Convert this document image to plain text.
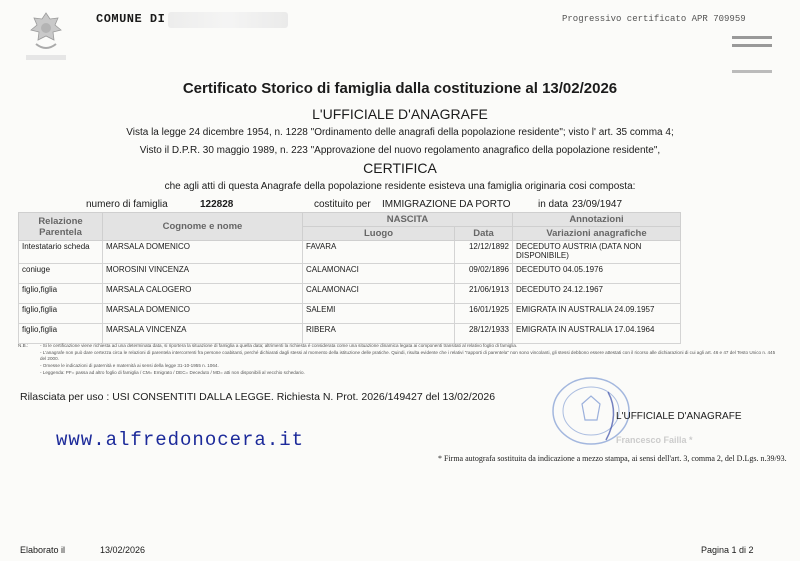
COMUNE DI	Progressivo certificato APR 709959
Certificato Storico di famiglia dalla costituzione al 13/02/2026
L'UFFICIALE D'ANAGRAFE
Vista la legge 24 dicembre 1954, n. 1228 "Ordinamento delle anagrafi della popolazione residente"; visto l' art. 35 comma 4;
Visto il D.P.R. 30 maggio 1989, n. 223 "Approvazione del nuovo regolamento anagrafico della popolazione residente",
CERTIFICA
che agli atti di questa Anagrafe della popolazione residente esisteva una famiglia originaria cosi composta:
numero di famiglia	122828	costituito per IMMIGRAZIONE DA PORTO	in data 23/09/1947
Relazione Parentela	Cognome e nome	NASCITA		Annotazioni
		Luogo	Data	Variazioni anagrafiche
Intestatario scheda	MARSALA DOMENICO	FAVARA	12/12/1892	DECEDUTO AUSTRIA (DATA NON DISPONIBILE)
coniuge	MOROSINI VINCENZA	CALAMONACI	09/02/1896	DECEDUTO 04.05.1976
figlio,figlia	MARSALA CALOGERO	CALAMONACI	21/06/1913	DECEDUTO 24.12.1967
figlio,figlia	MARSALA DOMENICO	SALEMI	16/01/1925	EMIGRATA IN AUSTRALIA 24.09.1957
figlio,figlia	MARSALA VINCENZA	RIBERA	28/12/1933	EMIGRATA IN AUSTRALIA 17.04.1964
N.B.:	- Si le certificazione viene richiesta ad una determinata data, si riportera la situazione di famiglia a quella data; altrimenti la richiesta é considerata come una situazione dinamica legata ai componenti transitati al relativo foglio di famiglia.
- L'anagrafe non può dare certezza circa le relazioni di parentela intercorrenti fra persone coabitanti, perché dichiarati dagli stessi al momento della istituzione delle pratiche. Quindi, risulta evidente che i relativi "rapporti di parentela" non sono vincolanti, gli stessi debbono essere attestati con il ricorso alle dichiarazioni di cui agli art. 46 e 47 del Testo Unico n. 445 del 2000.
- Omesse le indicazioni di paternità e maternità ai sensi della legge 31-10-1955 n. 1064.
- Leggenda: PF= passa ad altro foglio di famiglia / CM= Emigrato / DEC= Deceduto / MD= atti non disponibili al vecchio schedario.
Rilasciata per uso : USI CONSENTITI DALLA LEGGE. Richiesta N. Prot. 2026/149427 del 13/02/2026
L'UFFICIALE D'ANAGRAFE
Francesco Failla *
www.alfredonocera.it
* Firma autografa sostituita da indicazione a mezzo stampa, ai sensi dell'art. 3, comma 2, del D.Lgs. n.39/93.
Elaborato il	13/02/2026	Pagina 1 di 2
